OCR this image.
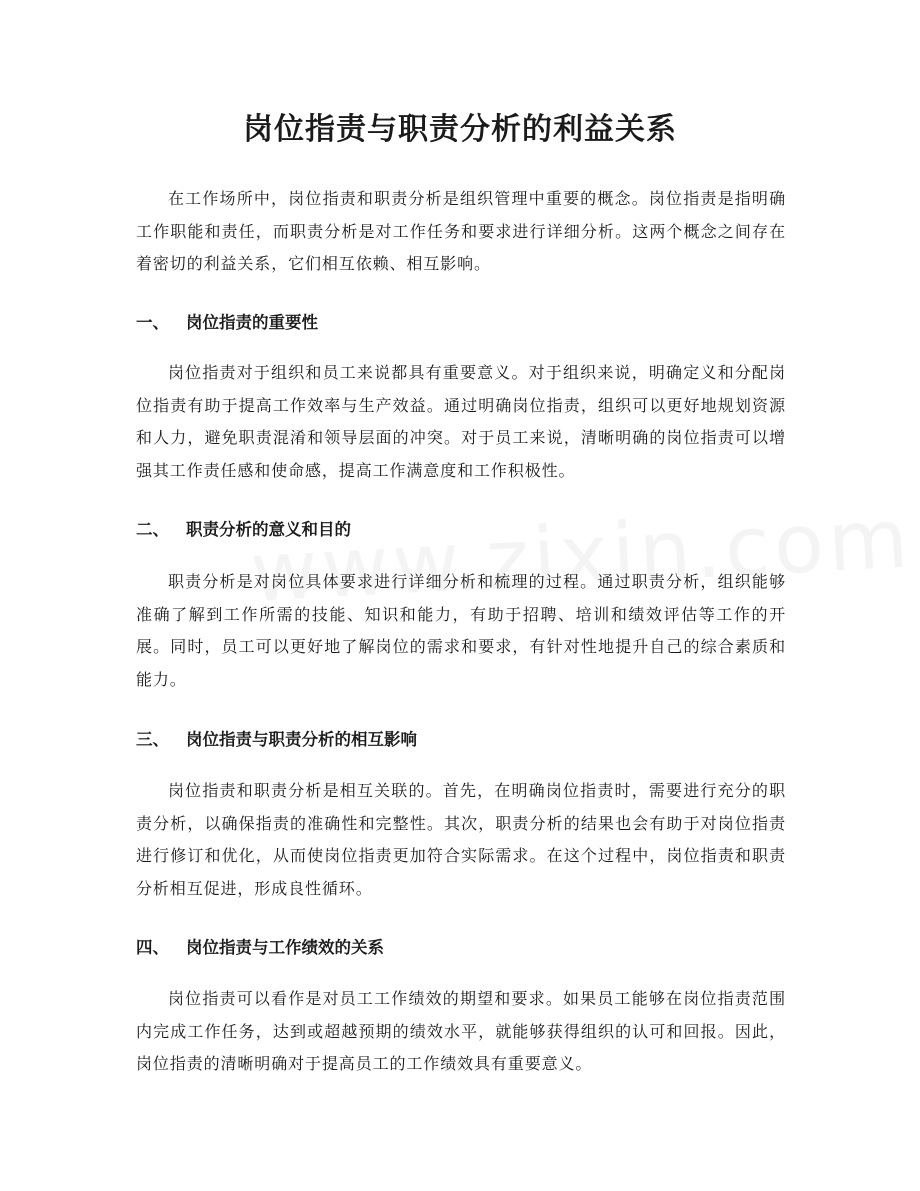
岗位指责与职责分析的利益关系

在工作场所中，岗位指责和职责分析是组织管理中重要的概念。岗位指责是指明确工作职能和责任，而职责分析是对工作任务和要求进行详细分析。这两个概念之间存在着密切的利益关系，它们相互依赖、相互影响。

一、 岗位指责的重要性

岗位指责对于组织和员工来说都具有重要意义。对于组织来说，明确定义和分配岗位指责有助于提高工作效率与生产效益。通过明确岗位指责，组织可以更好地规划资源和人力，避免职责混淆和领导层面的冲突。对于员工来说，清晰明确的岗位指责可以增强其工作责任感和使命感，提高工作满意度和工作积极性。

二、 职责分析的意义和目的

职责分析是对岗位具体要求进行详细分析和梳理的过程。通过职责分析，组织能够准确了解到工作所需的技能、知识和能力，有助于招聘、培训和绩效评估等工作的开展。同时，员工可以更好地了解岗位的需求和要求，有针对性地提升自己的综合素质和能力。

三、 岗位指责与职责分析的相互影响

岗位指责和职责分析是相互关联的。首先，在明确岗位指责时，需要进行充分的职责分析，以确保指责的准确性和完整性。其次，职责分析的结果也会有助于对岗位指责进行修订和优化，从而使岗位指责更加符合实际需求。在这个过程中，岗位指责和职责分析相互促进，形成良性循环。

四、 岗位指责与工作绩效的关系

岗位指责可以看作是对员工工作绩效的期望和要求。如果员工能够在岗位指责范围内完成工作任务，达到或超越预期的绩效水平，就能够获得组织的认可和回报。因此，岗位指责的清晰明确对于提高员工的工作绩效具有重要意义。
